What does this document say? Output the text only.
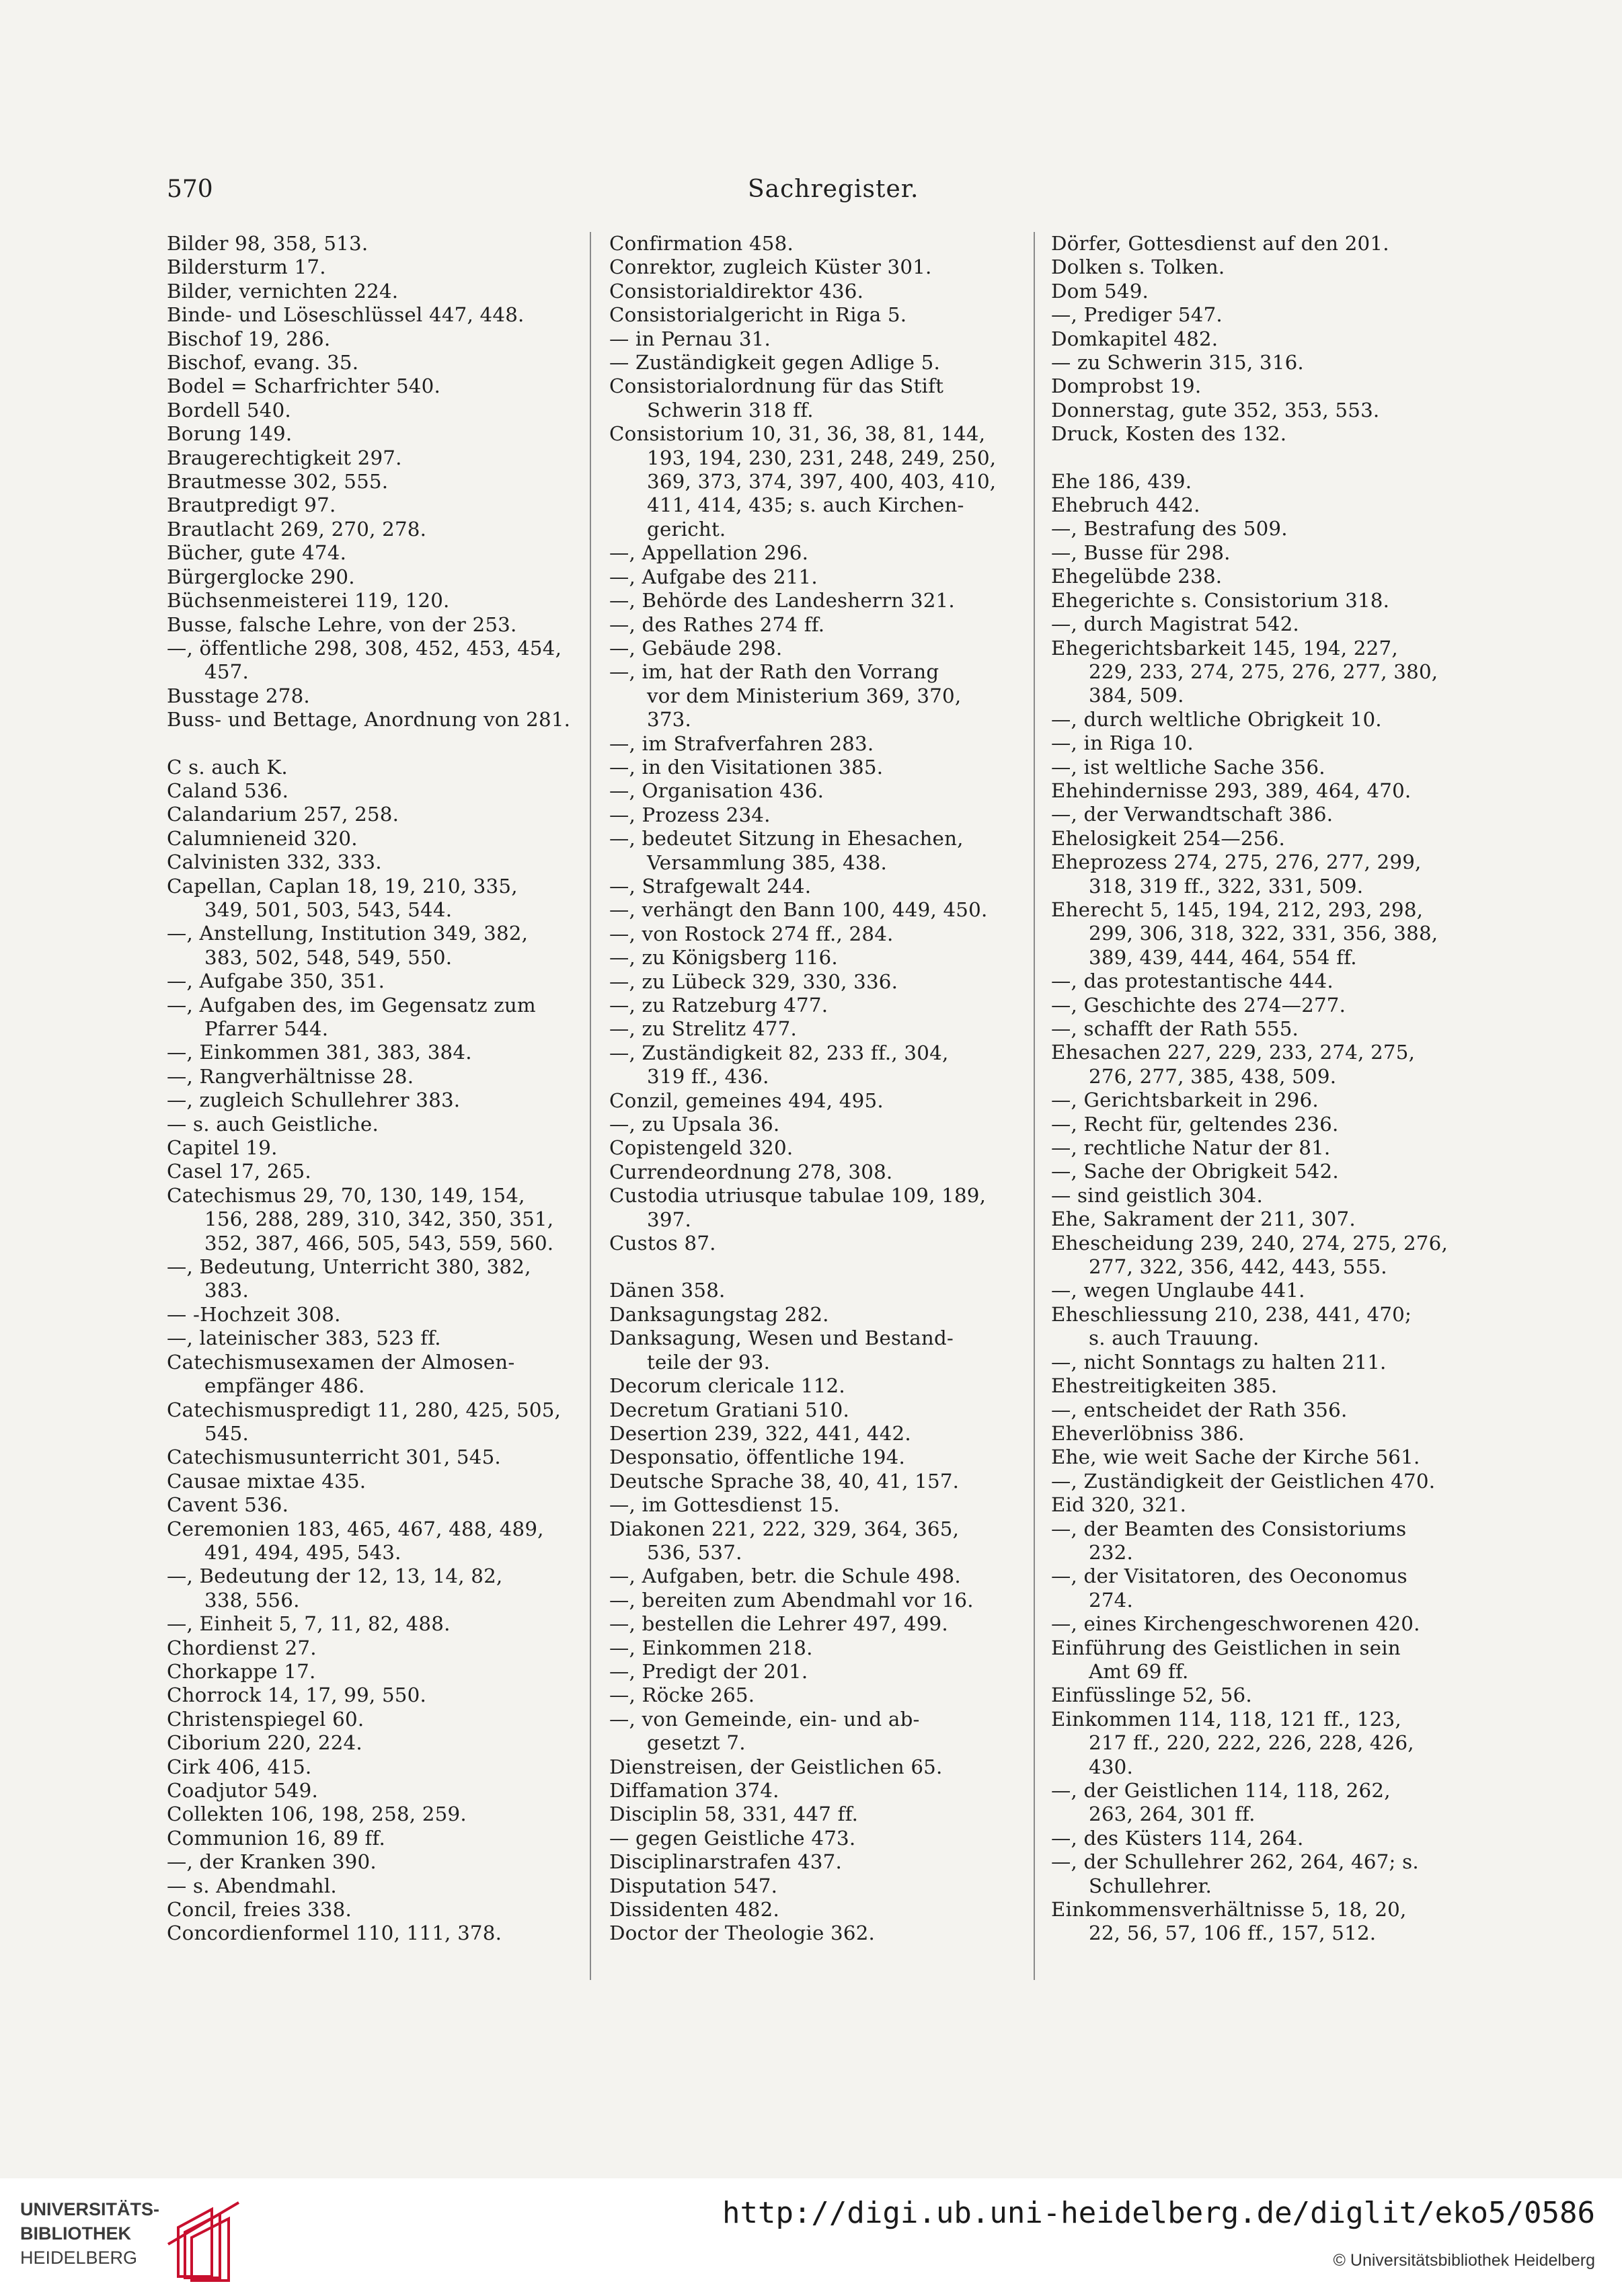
570	Sachregister.
Bilder 98, 358, 513.
Bildersturm 17.
Bilder, vernichten 224.
Binde- und Löseschlüssel 447, 448.
Bischof 19, 286.
Bischof, evang. 35.
Bodel = Scharfrichter 540.
Bordell 540.
Borung 149.
Braugerechtigkeit 297.
Brautmesse 302, 555.
Brautpredigt 97.
Brautlacht 269, 270, 278.
Bücher, gute 474.
Bürgerglocke 290.
Büchsenmeisterei 119, 120.
Busse, falsche Lehre, von der 253.
—, öffentliche 298, 308, 452, 453, 454,
457.
Busstage 278.
Buss- und Bettage, Anordnung von 281.
C s. auch K.
Caland 536.
Calandarium 257, 258.
Calumnieneid 320.
Calvinisten 332, 333.
Capellan, Caplan 18, 19, 210, 335,
349, 501, 503, 543, 544.
—, Anstellung, Institution 349, 382,
383, 502, 548, 549, 550.
—, Aufgabe 350, 351.
—, Aufgaben des, im Gegensatz zum
Pfarrer 544.
—, Einkommen 381, 383, 384.
—, Rangverhältnisse 28.
—, zugleich Schullehrer 383.
— s. auch Geistliche.
Capitel 19.
Casel 17, 265.
Catechismus 29, 70, 130, 149, 154,
156, 288, 289, 310, 342, 350, 351,
352, 387, 466, 505, 543, 559, 560.
—, Bedeutung, Unterricht 380, 382,
383.
— -Hochzeit 308.
—, lateinischer 383, 523 ff.
Catechismusexamen der Almosen-
empfänger 486.
Catechismuspredigt 11, 280, 425, 505,
545.
Catechismusunterricht 301, 545.
Causae mixtae 435.
Cavent 536.
Ceremonien 183, 465, 467, 488, 489,
491, 494, 495, 543.
—, Bedeutung der 12, 13, 14, 82,
338, 556.
—, Einheit 5, 7, 11, 82, 488.
Chordienst 27.
Chorkappe 17.
Chorrock 14, 17, 99, 550.
Christenspiegel 60.
Ciborium 220, 224.
Cirk 406, 415.
Coadjutor 549.
Collekten 106, 198, 258, 259.
Communion 16, 89 ff.
—, der Kranken 390.
— s. Abendmahl.
Concil, freies 338.
Concordienformel 110, 111, 378.
Confirmation 458.
Conrektor, zugleich Küster 301.
Consistorialdirektor 436.
Consistorialgericht in Riga 5.
— in Pernau 31.
— Zuständigkeit gegen Adlige 5.
Consistorialordnung für das Stift
Schwerin 318 ff.
Consistorium 10, 31, 36, 38, 81, 144,
193, 194, 230, 231, 248, 249, 250,
369, 373, 374, 397, 400, 403, 410,
411, 414, 435; s. auch Kirchen-
gericht.
—, Appellation 296.
—, Aufgabe des 211.
—, Behörde des Landesherrn 321.
—, des Rathes 274 ff.
—, Gebäude 298.
—, im, hat der Rath den Vorrang
vor dem Ministerium 369, 370,
373.
—, im Strafverfahren 283.
—, in den Visitationen 385.
—, Organisation 436.
—, Prozess 234.
—, bedeutet Sitzung in Ehesachen,
Versammlung 385, 438.
—, Strafgewalt 244.
—, verhängt den Bann 100, 449, 450.
—, von Rostock 274 ff., 284.
—, zu Königsberg 116.
—, zu Lübeck 329, 330, 336.
—, zu Ratzeburg 477.
—, zu Strelitz 477.
—, Zuständigkeit 82, 233 ff., 304,
319 ff., 436.
Conzil, gemeines 494, 495.
—, zu Upsala 36.
Copistengeld 320.
Currendeordnung 278, 308.
Custodia utriusque tabulae 109, 189,
397.
Custos 87.
Dänen 358.
Danksagungstag 282.
Danksagung, Wesen und Bestand-
teile der 93.
Decorum clericale 112.
Decretum Gratiani 510.
Desertion 239, 322, 441, 442.
Desponsatio, öffentliche 194.
Deutsche Sprache 38, 40, 41, 157.
—, im Gottesdienst 15.
Diakonen 221, 222, 329, 364, 365,
536, 537.
—, Aufgaben, betr. die Schule 498.
—, bereiten zum Abendmahl vor 16.
—, bestellen die Lehrer 497, 499.
—, Einkommen 218.
—, Predigt der 201.
—, Röcke 265.
—, von Gemeinde, ein- und ab-
gesetzt 7.
Dienstreisen, der Geistlichen 65.
Diffamation 374.
Disciplin 58, 331, 447 ff.
— gegen Geistliche 473.
Disciplinarstrafen 437.
Disputation 547.
Dissidenten 482.
Doctor der Theologie 362.
Dörfer, Gottesdienst auf den 201.
Dolken s. Tolken.
Dom 549.
—, Prediger 547.
Domkapitel 482.
— zu Schwerin 315, 316.
Domprobst 19.
Donnerstag, gute 352, 353, 553.
Druck, Kosten des 132.
Ehe 186, 439.
Ehebruch 442.
—, Bestrafung des 509.
—, Busse für 298.
Ehegelübde 238.
Ehegerichte s. Consistorium 318.
—, durch Magistrat 542.
Ehegerichtsbarkeit 145, 194, 227,
229, 233, 274, 275, 276, 277, 380,
384, 509.
—, durch weltliche Obrigkeit 10.
—, in Riga 10.
—, ist weltliche Sache 356.
Ehehindernisse 293, 389, 464, 470.
—, der Verwandtschaft 386.
Ehelosigkeit 254—256.
Eheprozess 274, 275, 276, 277, 299,
318, 319 ff., 322, 331, 509.
Eherecht 5, 145, 194, 212, 293, 298,
299, 306, 318, 322, 331, 356, 388,
389, 439, 444, 464, 554 ff.
—, das protestantische 444.
—, Geschichte des 274—277.
—, schafft der Rath 555.
Ehesachen 227, 229, 233, 274, 275,
276, 277, 385, 438, 509.
—, Gerichtsbarkeit in 296.
—, Recht für, geltendes 236.
—, rechtliche Natur der 81.
—, Sache der Obrigkeit 542.
— sind geistlich 304.
Ehe, Sakrament der 211, 307.
Ehescheidung 239, 240, 274, 275, 276,
277, 322, 356, 442, 443, 555.
—, wegen Unglaube 441.
Eheschliessung 210, 238, 441, 470;
s. auch Trauung.
—, nicht Sonntags zu halten 211.
Ehestreitigkeiten 385.
—, entscheidet der Rath 356.
Eheverlöbniss 386.
Ehe, wie weit Sache der Kirche 561.
—, Zuständigkeit der Geistlichen 470.
Eid 320, 321.
—, der Beamten des Consistoriums
232.
—, der Visitatoren, des Oeconomus
274.
—, eines Kirchengeschworenen 420.
Einführung des Geistlichen in sein
Amt 69 ff.
Einfüsslinge 52, 56.
Einkommen 114, 118, 121 ff., 123,
217 ff., 220, 222, 226, 228, 426,
430.
—, der Geistlichen 114, 118, 262,
263, 264, 301 ff.
—, des Küsters 114, 264.
—, der Schullehrer 262, 264, 467; s.
Schullehrer.
Einkommensverhältnisse 5, 18, 20,
22, 56, 57, 106 ff., 157, 512.
UNIVERSITÄTS-
BIBLIOTHEK
HEIDELBERG
http://digi.ub.uni-heidelberg.de/diglit/eko5/0586
© Universitätsbibliothek Heidelberg
